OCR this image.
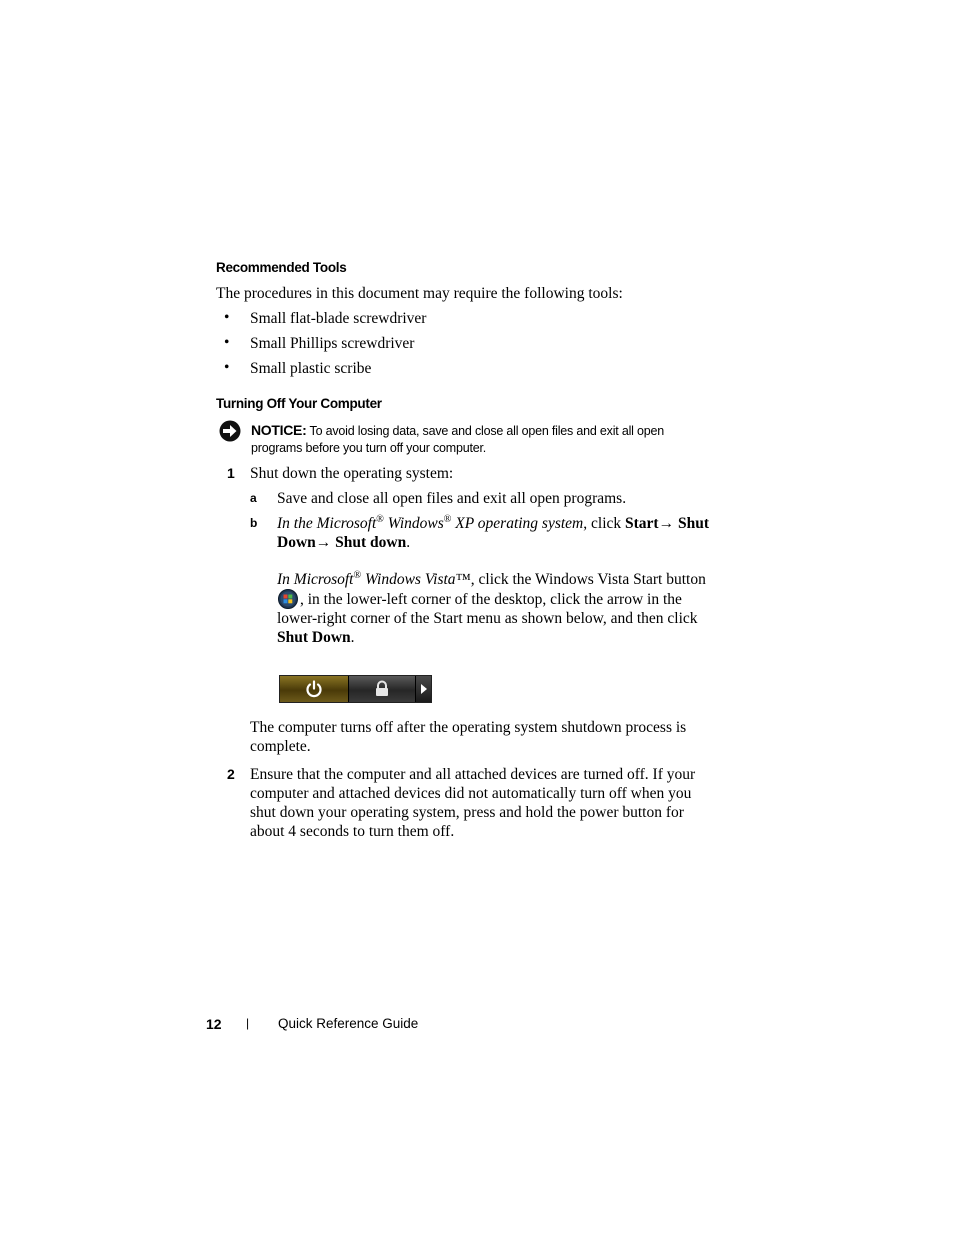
Recommended Tools
The procedures in this document may require the following tools:
• Small flat-blade screwdriver
• Small Phillips screwdriver
• Small plastic scribe
Turning Off Your Computer
NOTICE: To avoid losing data, save and close all open files and exit all open
programs before you turn off your computer.
1 Shut down the operating system:
a Save and close all open files and exit all open programs.
b In the Microsoft® Windows® XP operating system, click Start→ Shut
Down→ Shut down.
In Microsoft® Windows Vista™, click the Windows Vista Start button
, in the lower-left corner of the desktop, click the arrow in the
lower-right corner of the Start menu as shown below, and then click
Shut Down.
The computer turns off after the operating system shutdown process is
complete.
2 Ensure that the computer and all attached devices are turned off. If your
computer and attached devices did not automatically turn off when you
shut down your operating system, press and hold the power button for
about 4 seconds to turn them off.
12 | Quick Reference Guide
